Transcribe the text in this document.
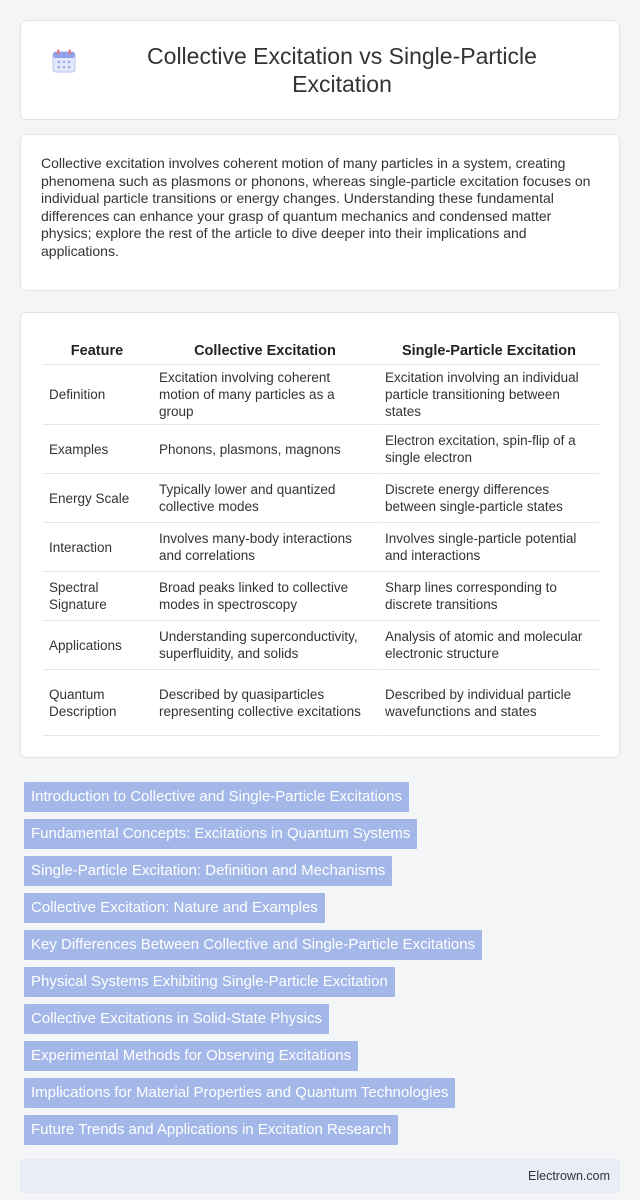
Collective Excitation vs Single-Particle Excitation

Collective excitation involves coherent motion of many particles in a system, creating phenomena such as plasmons or phonons, whereas single-particle excitation focuses on individual particle transitions or energy changes. Understanding these fundamental differences can enhance your grasp of quantum mechanics and condensed matter physics; explore the rest of the article to dive deeper into their implications and applications.

Feature	Collective Excitation	Single-Particle Excitation
Definition	Excitation involving coherent motion of many particles as a group	Excitation involving an individual particle transitioning between states
Examples	Phonons, plasmons, magnons	Electron excitation, spin-flip of a single electron
Energy Scale	Typically lower and quantized collective modes	Discrete energy differences between single-particle states
Interaction	Involves many-body interactions and correlations	Involves single-particle potential and interactions
Spectral Signature	Broad peaks linked to collective modes in spectroscopy	Sharp lines corresponding to discrete transitions
Applications	Understanding superconductivity, superfluidity, and solids	Analysis of atomic and molecular electronic structure
Quantum Description	Described by quasiparticles representing collective excitations	Described by individual particle wavefunctions and states
Introduction to Collective and Single-Particle Excitations
Fundamental Concepts: Excitations in Quantum Systems
Single-Particle Excitation: Definition and Mechanisms
Collective Excitation: Nature and Examples
Key Differences Between Collective and Single-Particle Excitations
Physical Systems Exhibiting Single-Particle Excitation
Collective Excitations in Solid-State Physics
Experimental Methods for Observing Excitations
Implications for Material Properties and Quantum Technologies
Future Trends and Applications in Excitation Research
Electrown.com
